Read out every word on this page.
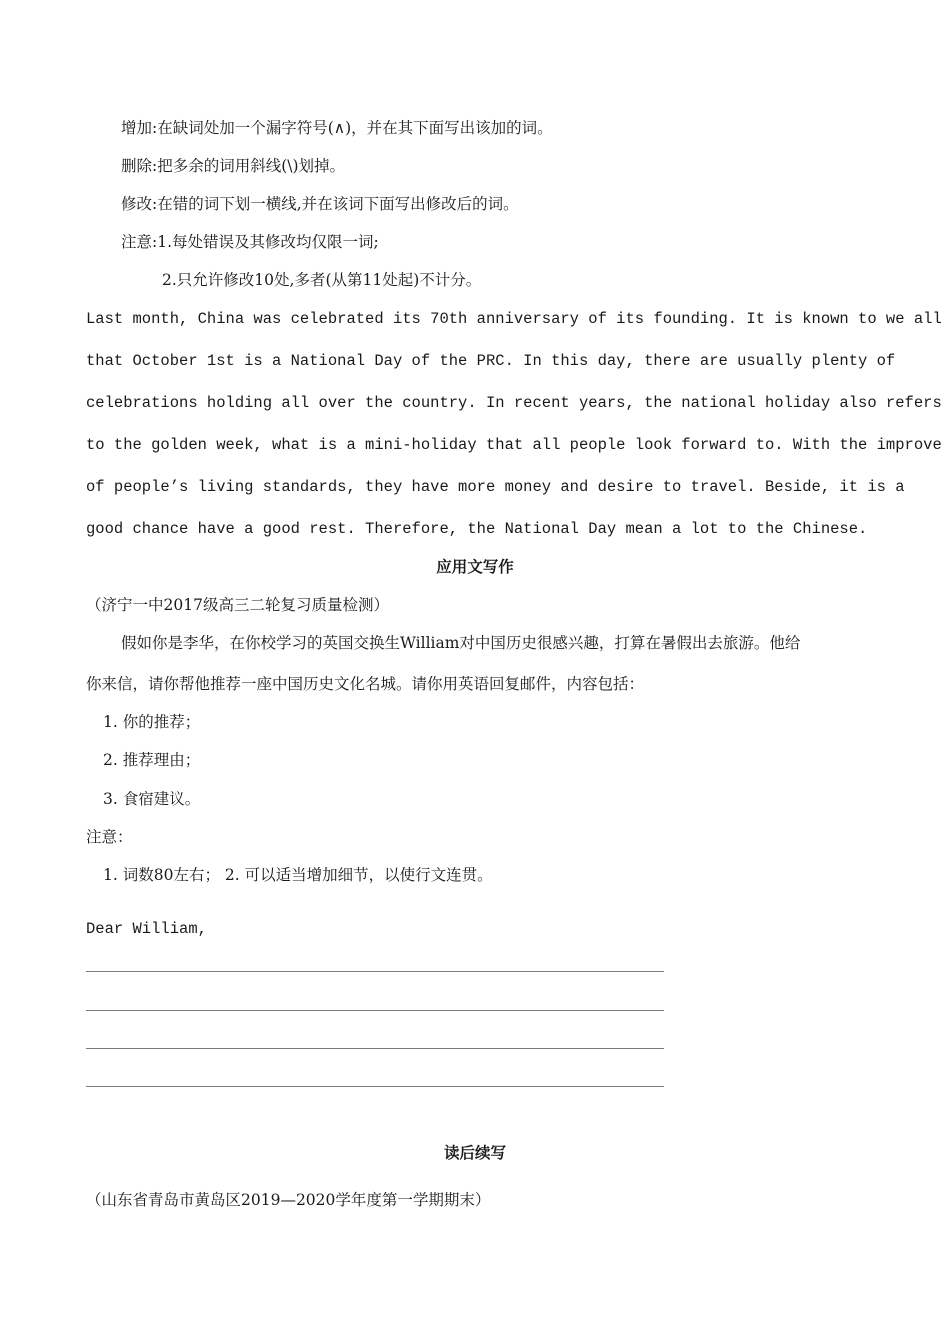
增加:在缺词处加一个漏字符号(∧)，并在其下面写出该加的词。
删除:把多余的词用斜线(\)划掉。
修改:在错的词下划一横线,并在该词下面写出修改后的词。
注意:1.每处错误及其修改均仅限一词;
2.只允许修改10处,多者(从第11处起)不计分。
Last month, China was celebrated its 70th anniversary of its founding. It is known to we all
that October 1st is a National Day of the PRC. In this day, there are usually plenty of
celebrations holding all over the country. In recent years, the national holiday also refers
to the golden week, what is a mini-holiday that all people look forward to. With the improve
of people’s living standards, they have more money and desire to travel. Beside, it is a
good chance have a good rest. Therefore, the National Day mean a lot to the Chinese.
应用文写作
（济宁一中2017级高三二轮复习质量检测）
假如你是李华，在你校学习的英国交换生William对中国历史很感兴趣，打算在暑假出去旅游。他给
你来信，请你帮他推荐一座中国历史文化名城。请你用英语回复邮件，内容包括：
1. 你的推荐；
2. 推荐理由；
3. 食宿建议。
注意：
1. 词数80左右； 2. 可以适当增加细节，以使行文连贯。
Dear William,
读后续写
（山东省青岛市黄岛区2019—2020学年度第一学期期末）
